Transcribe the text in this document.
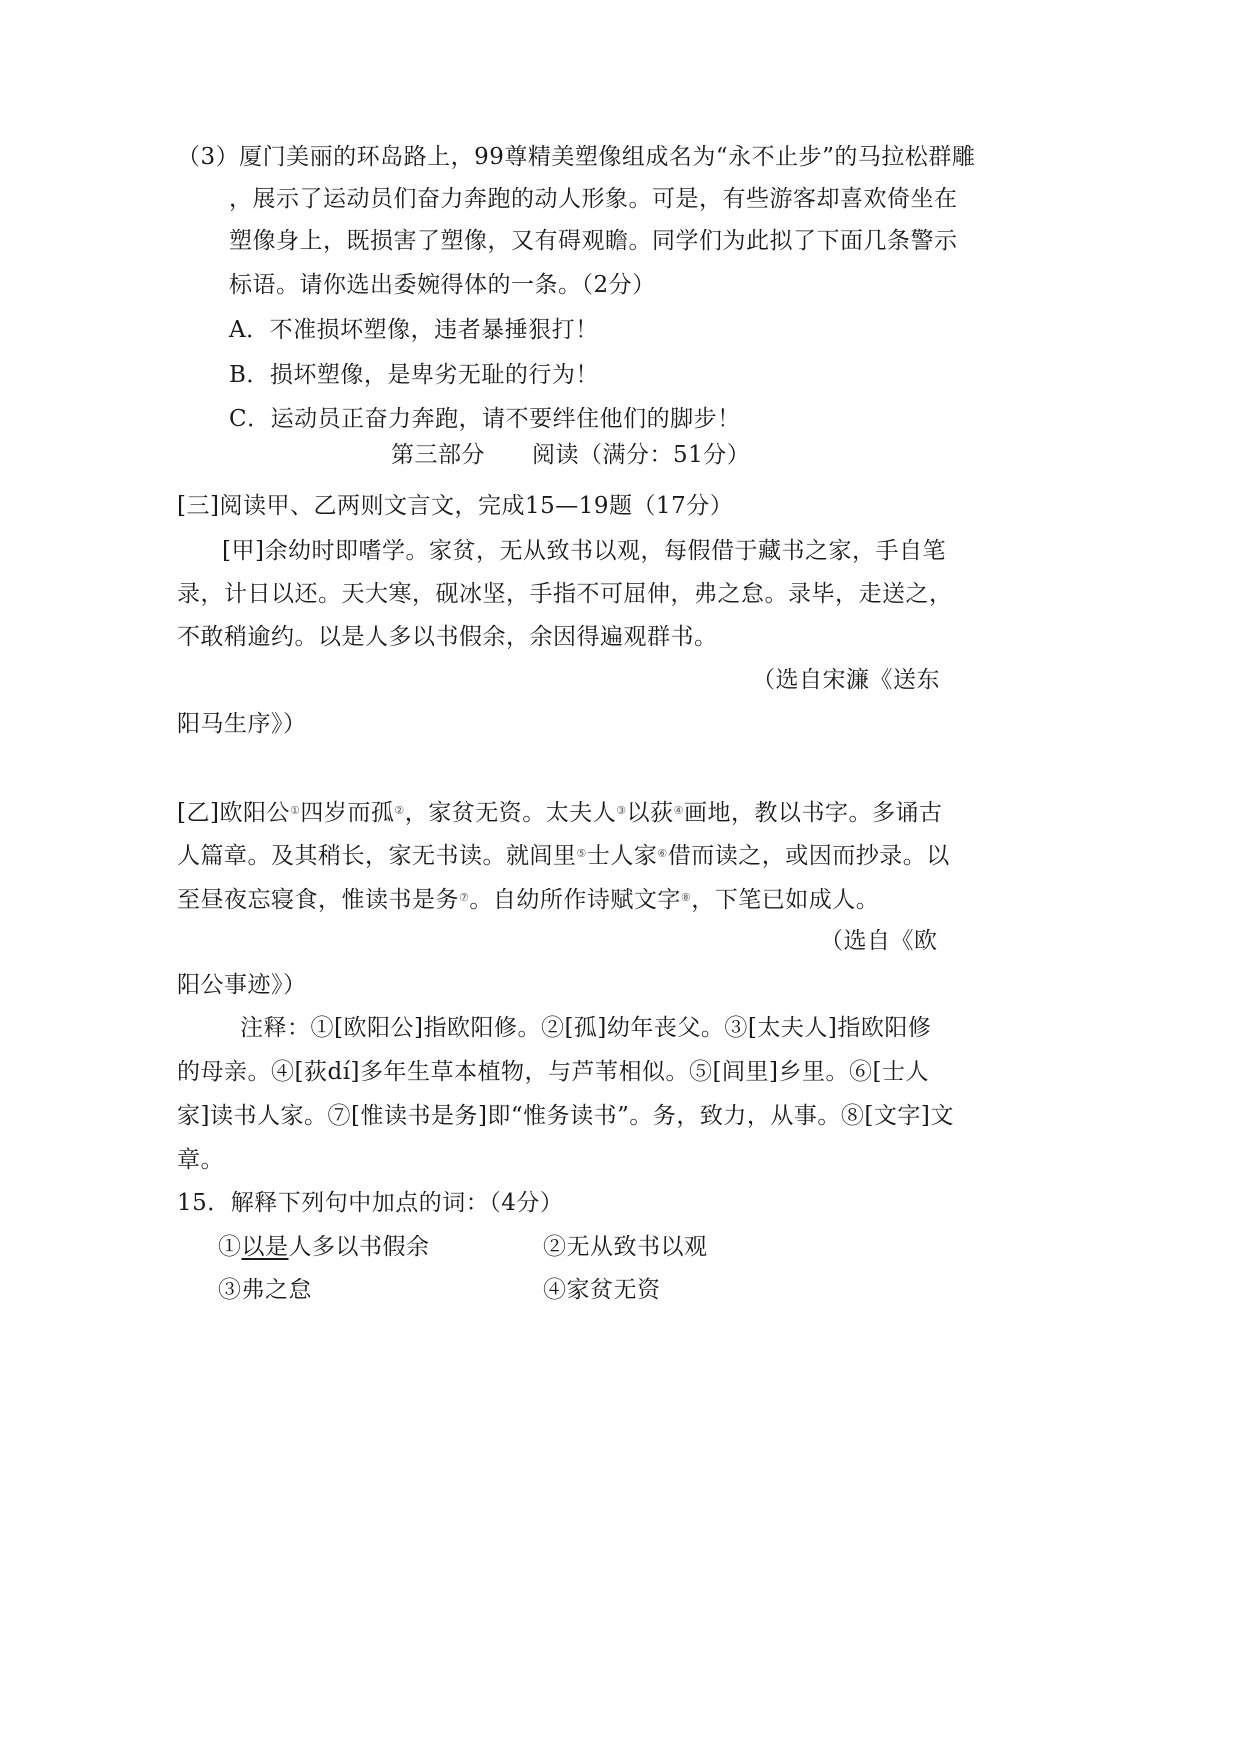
（3）厦门美丽的环岛路上，99尊精美塑像组成名为“永不止步”的马拉松群雕
，展示了运动员们奋力奔跑的动人形象。可是，有些游客却喜欢倚坐在
塑像身上，既损害了塑像，又有碍观瞻。同学们为此拟了下面几条警示
标语。请你选出委婉得体的一条。（2分）
A．不准损坏塑像，违者暴捶狠打！
B．损坏塑像，是卑劣无耻的行为！
C．运动员正奋力奔跑，请不要绊住他们的脚步！
第三部分　　阅读（满分：51分）
[三]阅读甲、乙两则文言文，完成15—19题（17分）
[甲]余幼时即嗜学。家贫，无从致书以观，每假借于藏书之家，手自笔
录，计日以还。天大寒，砚冰坚，手指不可屈伸，弗之怠。录毕，走送之，
不敢稍逾约。以是人多以书假余，余因得遍观群书。
（选自宋濂《送东
阳马生序》）
[乙]欧阳公①四岁而孤②，家贫无资。太夫人③以荻④画地，教以书字。多诵古
人篇章。及其稍长，家无书读。就闾里⑤士人家⑥借而读之，或因而抄录。以
至昼夜忘寝食，惟读书是务⑦。自幼所作诗赋文字⑧，下笔已如成人。
（选自《欧
阳公事迹》）
注释：①[欧阳公]指欧阳修。②[孤]幼年丧父。③[太夫人]指欧阳修
的母亲。④[荻dí]多年生草本植物，与芦苇相似。⑤[闾里]乡里。⑥[士人
家]读书人家。⑦[惟读书是务]即“惟务读书”。务，致力，从事。⑧[文字]文
章。
15．解释下列句中加点的词：（4分）
①以是人多以书假余	②无从致书以观
③弗之怠	④家贫无资
